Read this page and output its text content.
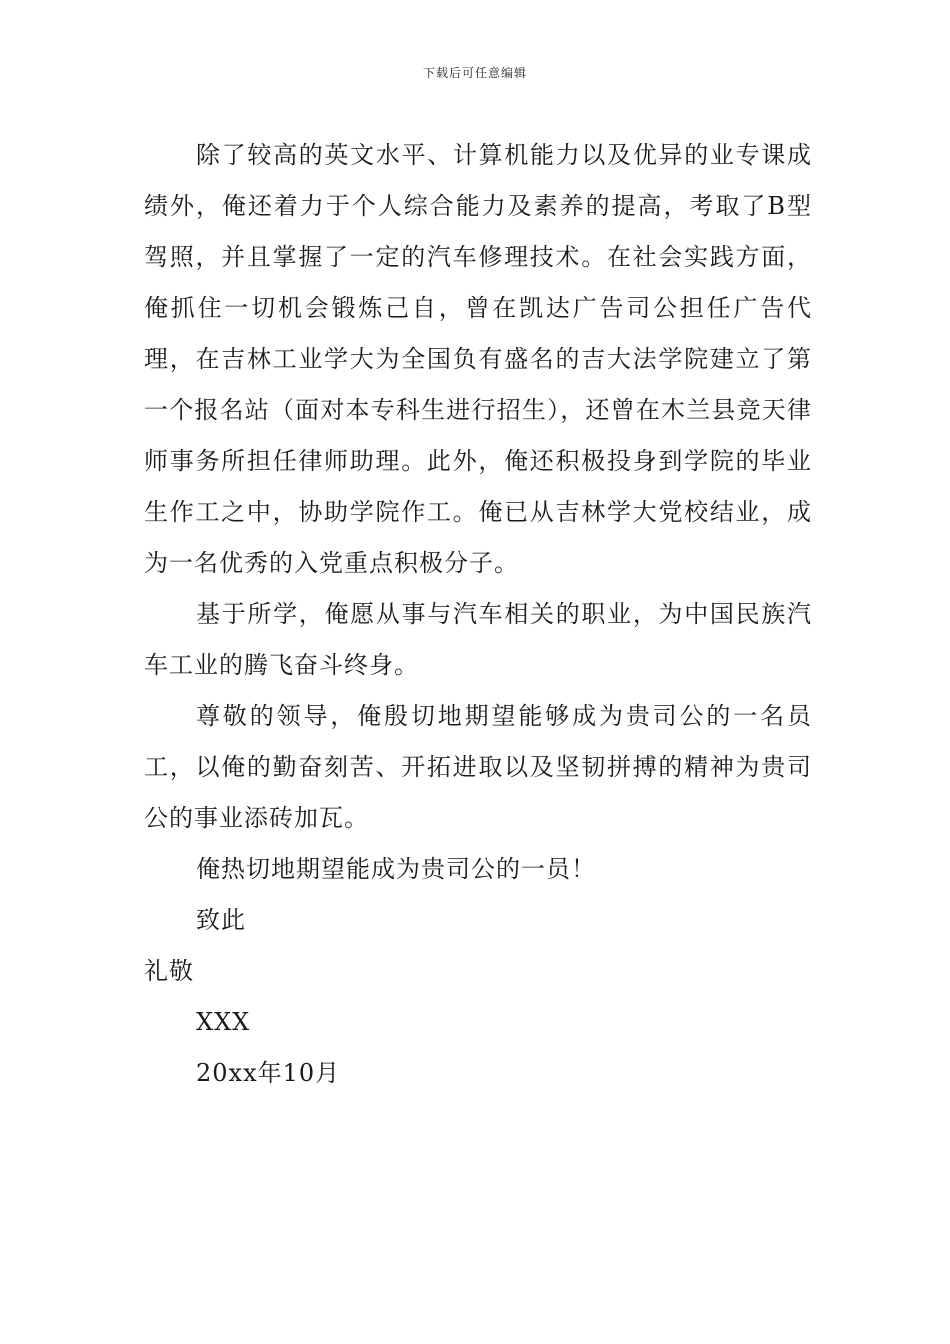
下载后可任意编辑

除了较高的英文水平、计算机能力以及优异的业专课成绩外，俺还着力于个人综合能力及素养的提高，考取了B型驾照，并且掌握了一定的汽车修理技术。在社会实践方面，俺抓住一切机会锻炼己自，曾在凯达广告司公担任广告代理，在吉林工业学大为全国负有盛名的吉大法学院建立了第一个报名站（面对本专科生进行招生），还曾在木兰县竞天律师事务所担任律师助理。此外，俺还积极投身到学院的毕业生作工之中，协助学院作工。俺已从吉林学大党校结业，成为一名优秀的入党重点积极分子。

基于所学，俺愿从事与汽车相关的职业，为中国民族汽车工业的腾飞奋斗终身。

尊敬的领导，俺殷切地期望能够成为贵司公的一名员工，以俺的勤奋刻苦、开拓进取以及坚韧拼搏的精神为贵司公的事业添砖加瓦。

俺热切地期望能成为贵司公的一员！

致此

礼敬

XXX

20xx年10月
